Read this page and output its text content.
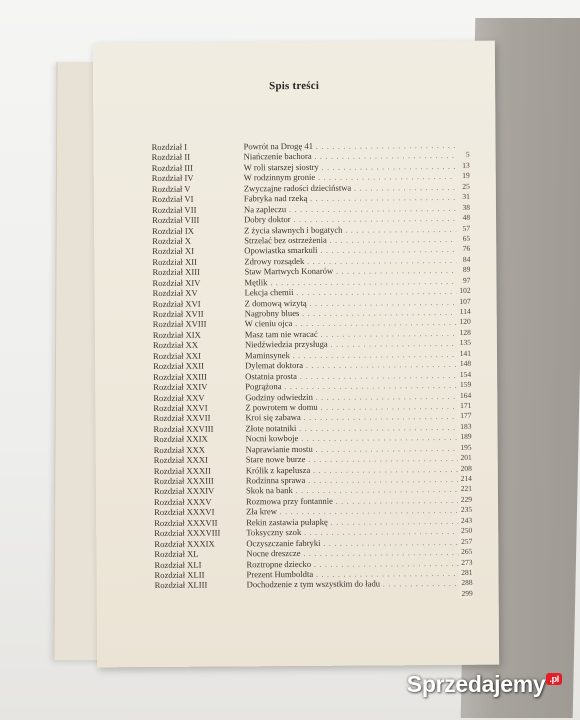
Spis treści
Rozdział I	Powrót na Drogę 41 . . .
Rozdział II	Niańczenie bachora . . .	5
Rozdział III	W roli starszej siostry . . .	13
Rozdział IV	W rodzinnym gronie . . .	19
Rozdział V	Zwyczajne radości dzieciństwa . . .	25
Rozdział VI	Fabryka nad rzeką . . .	31
Rozdział VII	Na zapleczu . . .	38
Rozdział VIII	Dobry doktor . . .	48
Rozdział IX	Z życia sławnych i bogatych . . .	57
Rozdział X	Strzelać bez ostrzeżenia . . .	65
Rozdział XI	Opowiastka smarkuli . . .	76
Rozdział XII	Zdrowy rozsądek . . .	84
Rozdział XIII	Staw Martwych Konarów . . .	89
Rozdział XIV	Mętlik . . .	97
Rozdział XV	Lekcja chemii . . .	102
Rozdział XVI	Z domową wizytą . . .	107
Rozdział XVII	Nagrobny blues . . .	114
Rozdział XVIII	W cieniu ojca . . .	120
Rozdział XIX	Masz tam nie wracać . . .	128
Rozdział XX	Niedźwiedzia przysługa . . .	135
Rozdział XXI	Maminsynek . . .	141
Rozdział XXII	Dylemat doktora . . .	148
Rozdział XXIII	Ostatnia prosta . . .	154
Rozdział XXIV	Pogrążona . . .	159
Rozdział XXV	Godziny odwiedzin . . .	164
Rozdział XXVI	Z powrotem w domu . . .	171
Rozdział XXVII	Kroi się zabawa . . .	177
Rozdział XXVIII	Złote notatniki . . .	183
Rozdział XXIX	Nocni kowboje . . .	189
Rozdział XXX	Naprawianie mostu . . .	195
Rozdział XXXI	Stare nowe burze . . .	201
Rozdział XXXII	Królik z kapelusza . . .	208
Rozdział XXXIII	Rodzinna sprawa . . .	214
Rozdział XXXIV	Skok na bank . . .	221
Rozdział XXXV	Rozmowa przy fontannie . . .	229
Rozdział XXXVI	Zła krew . . .	235
Rozdział XXXVII	Rekin zastawia pułapkę . . .	243
Rozdział XXXVIII	Toksyczny szok . . .	250
Rozdział XXXIX	Oczyszczanie fabryki . . .	257
Rozdział XL	Nocne dreszcze . . .	265
Rozdział XLI	Roztropne dziecko . . .	273
Rozdział XLII	Prezent Humboldta . . .	281
Rozdział XLIII	Dochodzenie z tym wszystkim do ładu . . .	288
299
Sprzedajemy .pl
